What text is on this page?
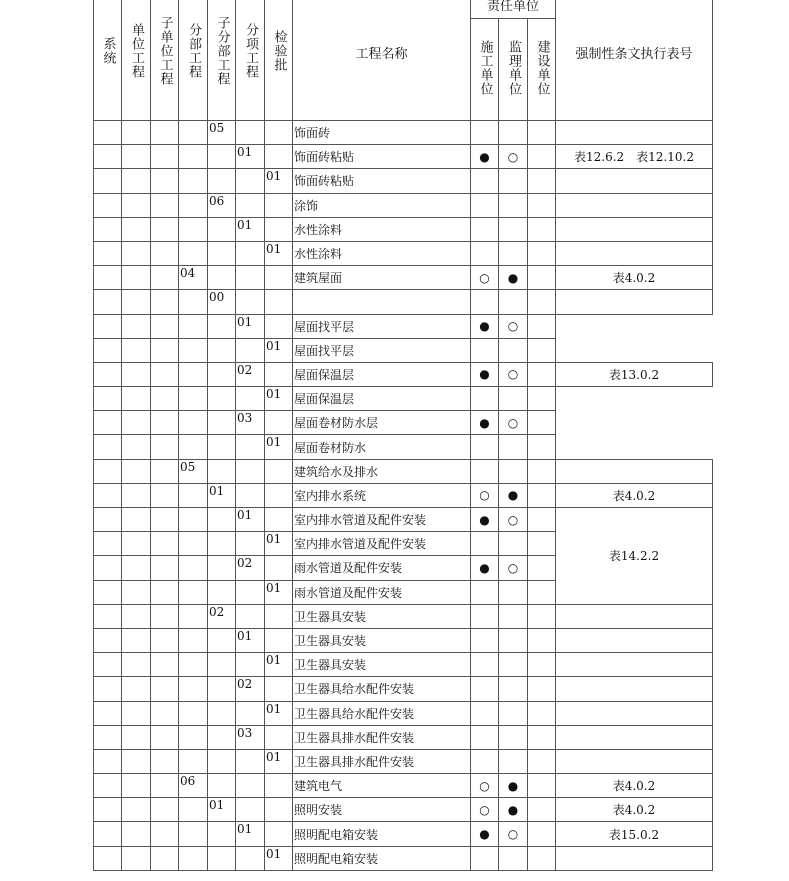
系统	单位工程	子单位工程	分部工程	子分部工程	分项工程	检验批	工程名称	责任单位			强制性条文执行表号
								施工单位	监理单位	建设单位	
				05			饰面砖				
					01		饰面砖粘贴	●	○		表12.6.2　表12.10.2
						01	饰面砖粘贴				
				06			涂饰				
					01		水性涂料				
						01	水性涂料				
			04				建筑屋面	○	●		表4.0.2
				00							
					01		屋面找平层	●	○		
						01	屋面找平层				
					02		屋面保温层	●	○		表13.0.2
						01	屋面保温层				
					03		屋面卷材防水层	●	○		
						01	屋面卷材防水				
			05				建筑给水及排水				
				01			室内排水系统	○	●		表4.0.2
					01		室内排水管道及配件安装	●	○		表14.2.2
						01	室内排水管道及配件安装				
					02		雨水管道及配件安装	●	○		
						01	雨水管道及配件安装				
				02			卫生器具安装				
					01		卫生器具安装				
						01	卫生器具安装				
					02		卫生器具给水配件安装				
						01	卫生器具给水配件安装				
					03		卫生器具排水配件安装				
						01	卫生器具排水配件安装				
			06				建筑电气	○	●		表4.0.2
				01			照明安装	○	●		表4.0.2
					01		照明配电箱安装	●	○		表15.0.2
						01	照明配电箱安装				
